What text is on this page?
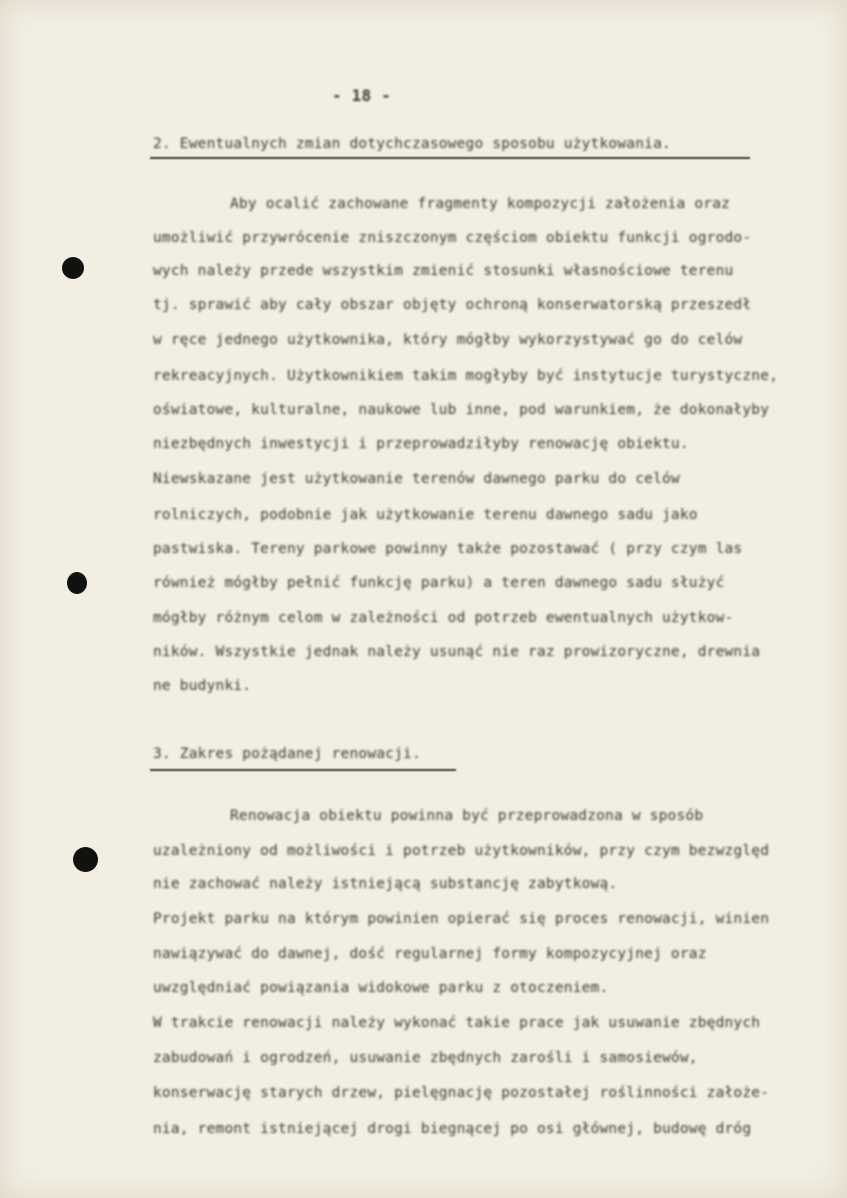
- 18 -
2. Ewentualnych zmian dotychczasowego sposobu użytkowania.
Aby ocalić zachowane fragmenty kompozycji założenia oraz
umożliwić przywrócenie zniszczonym częściom obiektu funkcji ogrodo-
wych należy przede wszystkim zmienić stosunki własnościowe terenu
tj. sprawić aby cały obszar objęty ochroną konserwatorską przeszedł
w ręce jednego użytkownika, który mógłby wykorzystywać go do celów
rekreacyjnych. Użytkownikiem takim mogłyby być instytucje turystyczne,
oświatowe, kulturalne, naukowe lub inne, pod warunkiem, że dokonałyby
niezbędnych inwestycji i przeprowadziłyby renowację obiektu.
Niewskazane jest użytkowanie terenów dawnego parku do celów
rolniczych, podobnie jak użytkowanie terenu dawnego sadu jako
pastwiska. Tereny parkowe powinny także pozostawać ( przy czym las
również mógłby pełnić funkcję parku) a teren dawnego sadu służyć
mógłby różnym celom w zależności od potrzeb ewentualnych użytkow-
ników. Wszystkie jednak należy usunąć nie raz prowizoryczne, drewnia
ne budynki.
3. Zakres pożądanej renowacji.
Renowacja obiektu powinna być przeprowadzona w sposób
uzależniony od możliwości i potrzeb użytkowników, przy czym bezwzględ
nie zachować należy istniejącą substancję zabytkową.
Projekt parku na którym powinien opierać się proces renowacji, winien
nawiązywać do dawnej, dość regularnej formy kompozycyjnej oraz
uwzględniać powiązania widokowe parku z otoczeniem.
W trakcie renowacji należy wykonać takie prace jak usuwanie zbędnych
zabudowań i ogrodzeń, usuwanie zbędnych zarośli i samosiewów,
konserwację starych drzew, pielęgnację pozostałej roślinności założe-
nia, remont istniejącej drogi biegnącej po osi głównej, budowę dróg
